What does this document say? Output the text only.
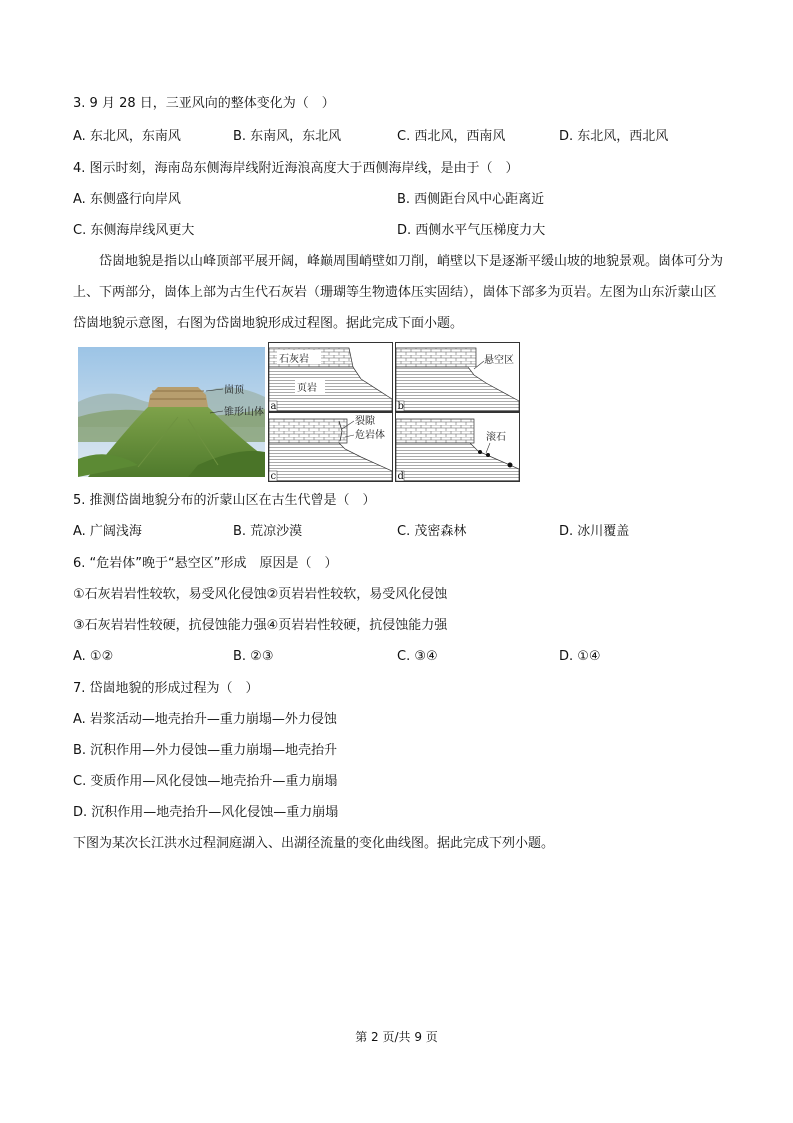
3. 9 月 28 日，三亚风向的整体变化为（　）
A. 东北风，东南风	B. 东南风，东北风	C. 西北风，西南风	D. 东北风，西北风
4. 图示时刻，海南岛东侧海岸线附近海浪高度大于西侧海岸线，是由于（　）
A. 东侧盛行向岸风	B. 西侧距台风中心距离近
C. 东侧海岸线风更大	D. 西侧水平气压梯度力大
岱崮地貌是指以山峰顶部平展开阔，峰巅周围峭壁如刀削，峭壁以下是逐渐平缓山坡的地貌景观。崮体可分为上、下两部分，崮体上部为古生代石灰岩（珊瑚等生物遗体压实固结），崮体下部多为页岩。左图为山东沂蒙山区岱崮地貌示意图，右图为岱崮地貌形成过程图。据此完成下面小题。
崮顶
锥形山体
石灰岩
页岩
a
悬空区
b
裂隙
危岩体
c
滚石
d
5. 推测岱崮地貌分布的沂蒙山区在古生代曾是（　）
A. 广阔浅海	B. 荒凉沙漠	C. 茂密森林	D. 冰川覆盖
6. “危岩体”晚于“悬空区”形成　原因是（　）
①石灰岩岩性较软，易受风化侵蚀②页岩岩性较软，易受风化侵蚀
③石灰岩岩性较硬，抗侵蚀能力强④页岩岩性较硬，抗侵蚀能力强
A. ①②	B. ②③	C. ③④	D. ①④
7. 岱崮地貌的形成过程为（　）
A. 岩浆活动—地壳抬升—重力崩塌—外力侵蚀
B. 沉积作用—外力侵蚀—重力崩塌—地壳抬升
C. 变质作用—风化侵蚀—地壳抬升—重力崩塌
D. 沉积作用—地壳抬升—风化侵蚀—重力崩塌
下图为某次长江洪水过程洞庭湖入、出湖径流量的变化曲线图。据此完成下列小题。
第 2 页/共 9 页
